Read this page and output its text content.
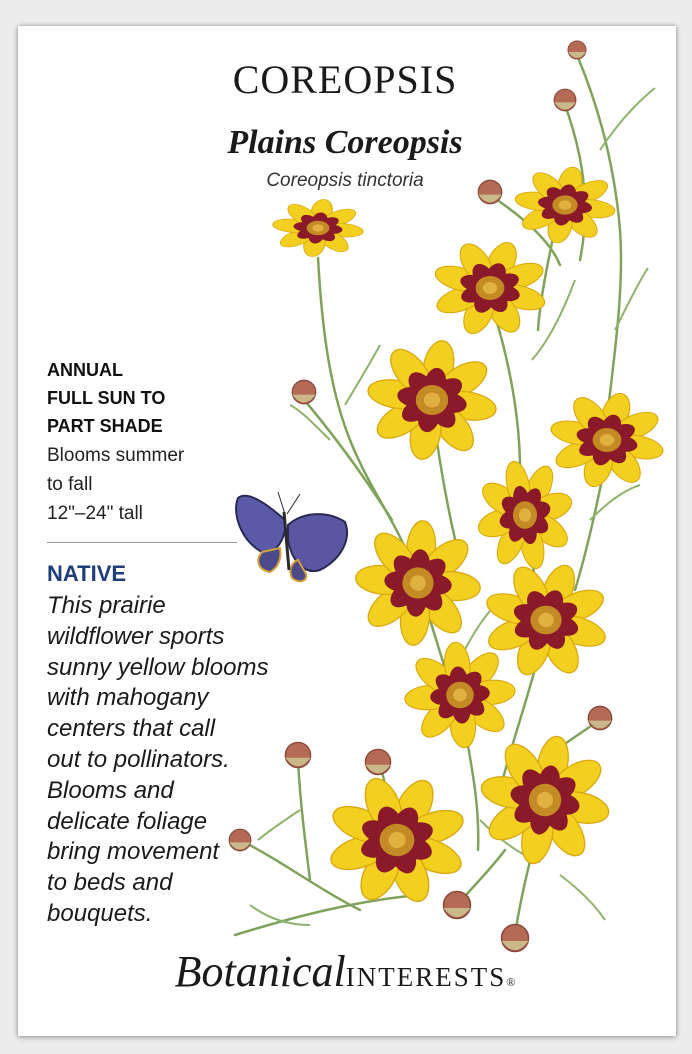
COREOPSIS
Plains Coreopsis
Coreopsis tinctoria
ANNUAL
FULL SUN TO
PART SHADE
Blooms summer
to fall
12"–24" tall
NATIVE
This prairie
wildflower sports
sunny yellow blooms
with mahogany
centers that call
out to pollinators.
Blooms and
delicate foliage
bring movement
to beds and
bouquets.
BotanicalINTERESTS®
